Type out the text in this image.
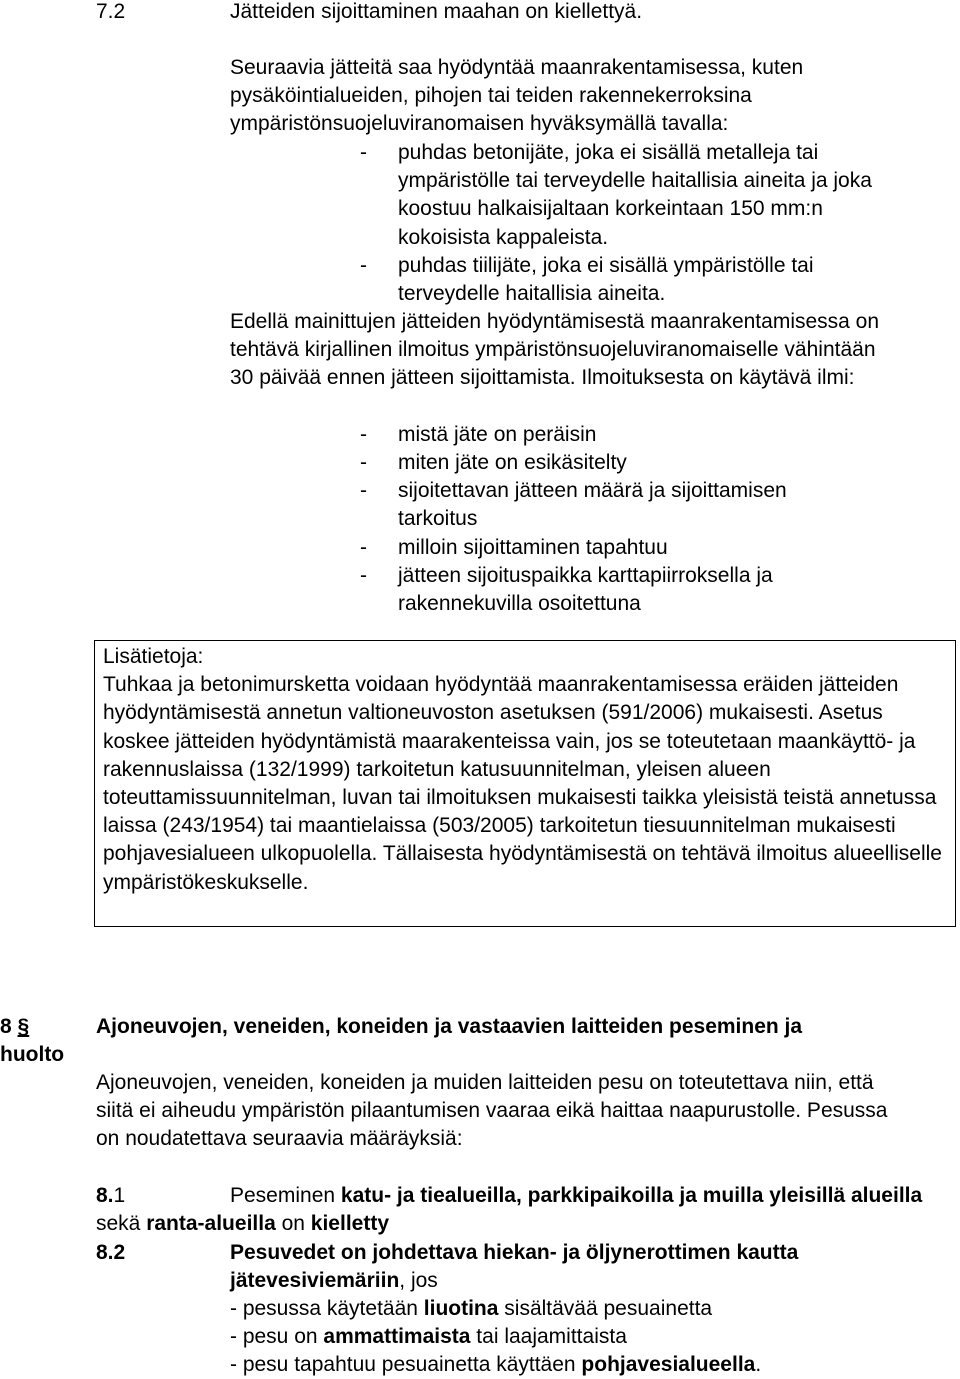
7.2	Jätteiden sijoittaminen maahan on kiellettyä.
Seuraavia jätteitä saa hyödyntää maanrakentamisessa, kuten pysäköintialueiden, pihojen tai teiden rakennekerroksina ympäristönsuojeluviranomaisen hyväksymällä tavalla:
- puhdas betonijäte, joka ei sisällä metalleja tai ympäristölle tai terveydelle haitallisia aineita ja joka koostuu halkaisijaltaan korkeintaan 150 mm:n kokoisista kappaleista.
- puhdas tiilijäte, joka ei sisällä ympäristölle tai terveydelle haitallisia aineita.
Edellä mainittujen jätteiden hyödyntämisestä maanrakentamisessa on tehtävä kirjallinen ilmoitus ympäristönsuojeluviranomaiselle vähintään 30 päivää ennen jätteen sijoittamista. Ilmoituksesta on käytävä ilmi:
- mistä jäte on peräisin
- miten jäte on esikäsitelty
- sijoitettavan jätteen määrä ja sijoittamisen tarkoitus
- milloin sijoittaminen tapahtuu
- jätteen sijoituspaikka karttapiirroksella ja rakennekuvilla osoitettuna
Lisätietoja:
Tuhkaa ja betonimursketta voidaan hyödyntää maanrakentamisessa eräiden jätteiden hyödyntämisestä annetun valtioneuvoston asetuksen (591/2006) mukaisesti. Asetus koskee jätteiden hyödyntämistä maarakenteissa vain, jos se toteutetaan maankäyttö- ja rakennuslaissa (132/1999) tarkoitetun katusuunnitelman, yleisen alueen toteuttamissuunnitelman, luvan tai ilmoituksen mukaisesti taikka yleisistä teistä annetussa laissa (243/1954) tai maantielaissa (503/2005) tarkoitetun tiesuunnitelman mukaisesti pohjavesialueen ulkopuolella. Tällaisesta hyödyntämisestä on tehtävä ilmoitus alueelliselle ympäristökeskukselle.
8 §
huolto
Ajoneuvojen, veneiden, koneiden ja vastaavien laitteiden peseminen ja
Ajoneuvojen, veneiden, koneiden ja muiden laitteiden pesu on toteutettava niin, että siitä ei aiheudu ympäristön pilaantumisen vaaraa eikä haittaa naapurustolle. Pesussa on noudatettava seuraavia määräyksiä:
8.1	Peseminen katu- ja tiealueilla, parkkipaikoilla ja muilla yleisillä alueilla sekä ranta-alueilla on kielletty
8.2	Pesuvedet on johdettava hiekan- ja öljynerottimen kautta jätevesiviemäriin, jos
- pesussa käytetään liuotina sisältävää pesuainetta
- pesu on ammattimaista tai laajamittaista
- pesu tapahtuu pesuainetta käyttäen pohjavesialueella.
